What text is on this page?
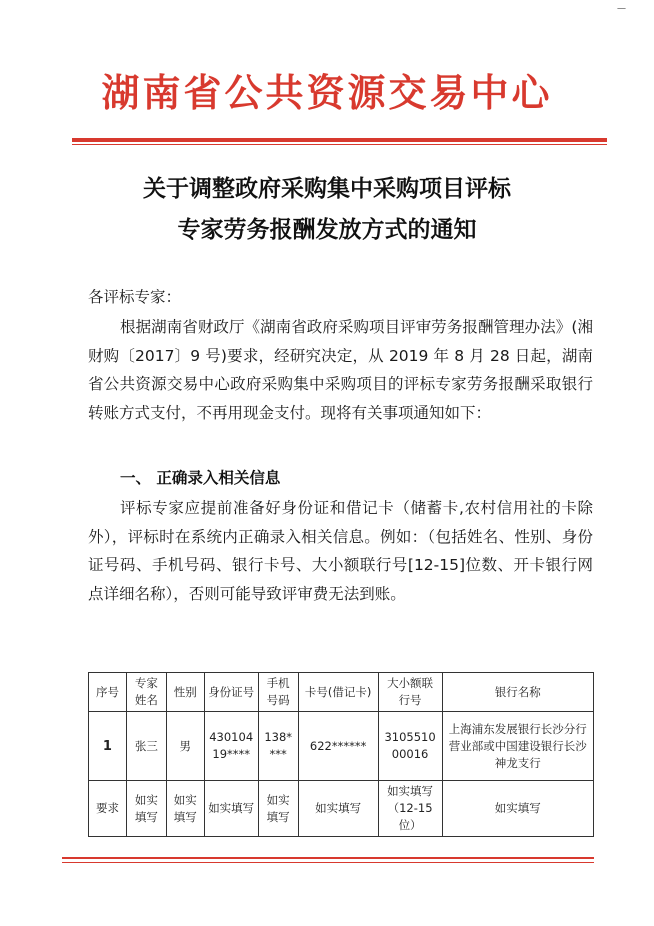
—
湖南省公共资源交易中心
关于调整政府采购集中采购项目评标
专家劳务报酬发放方式的通知
各评标专家：
根据湖南省财政厅《湖南省政府采购项目评审劳务报酬管理办法》(湘财购〔2017〕9 号)要求，经研究决定，从 2019 年 8 月 28 日起，湖南省公共资源交易中心政府采购集中采购项目的评标专家劳务报酬采取银行转账方式支付，不再用现金支付。现将有关事项通知如下：
一、 正确录入相关信息
评标专家应提前准备好身份证和借记卡（储蓄卡,农村信用社的卡除外），评标时在系统内正确录入相关信息。例如：（包括姓名、性别、身份证号码、手机号码、银行卡号、大小额联行号[12-15]位数、开卡银行网点详细名称），否则可能导致评审费无法到账。
序号	专家姓名	性别	身份证号	手机号码	卡号(借记卡)	大小额联行号	银行名称
1	张三	男	430104 19****	138* ***	622******	3105510 00016	上海浦东发展银行长沙分行营业部或中国建设银行长沙神龙支行
要求	如实填写	如实填写	如实填写	如实填写	如实填写	如实填写（12-15 位）	如实填写
